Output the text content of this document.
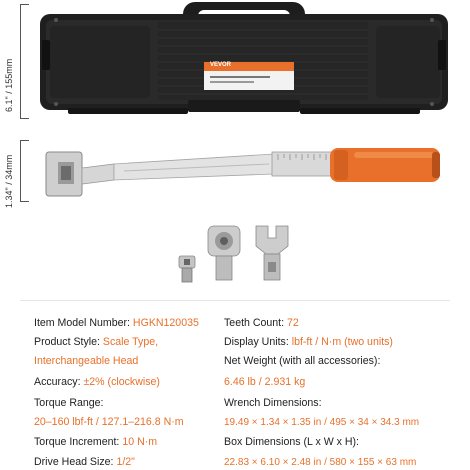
6.1" / 155mm	VEVOR
1.34" / 34mm
Item Model Number: HGKN120035
Product Style: Scale Type,
Interchangeable Head
Accuracy: ±2% (clockwise)
Torque Range:
20–160 lbf-ft / 127.1–216.8 N·m
Torque Increment: 10 N·m
Drive Head Size: 1/2"
Teeth Count: 72
Display Units: lbf-ft / N·m (two units)
Net Weight (with all accessories):
6.46 lb / 2.931 kg
Wrench Dimensions:
19.49 × 1.34 × 1.35 in / 495 × 34 × 34.3 mm
Box Dimensions (L x W x H):
22.83 × 6.10 × 2.48 in / 580 × 155 × 63 mm
